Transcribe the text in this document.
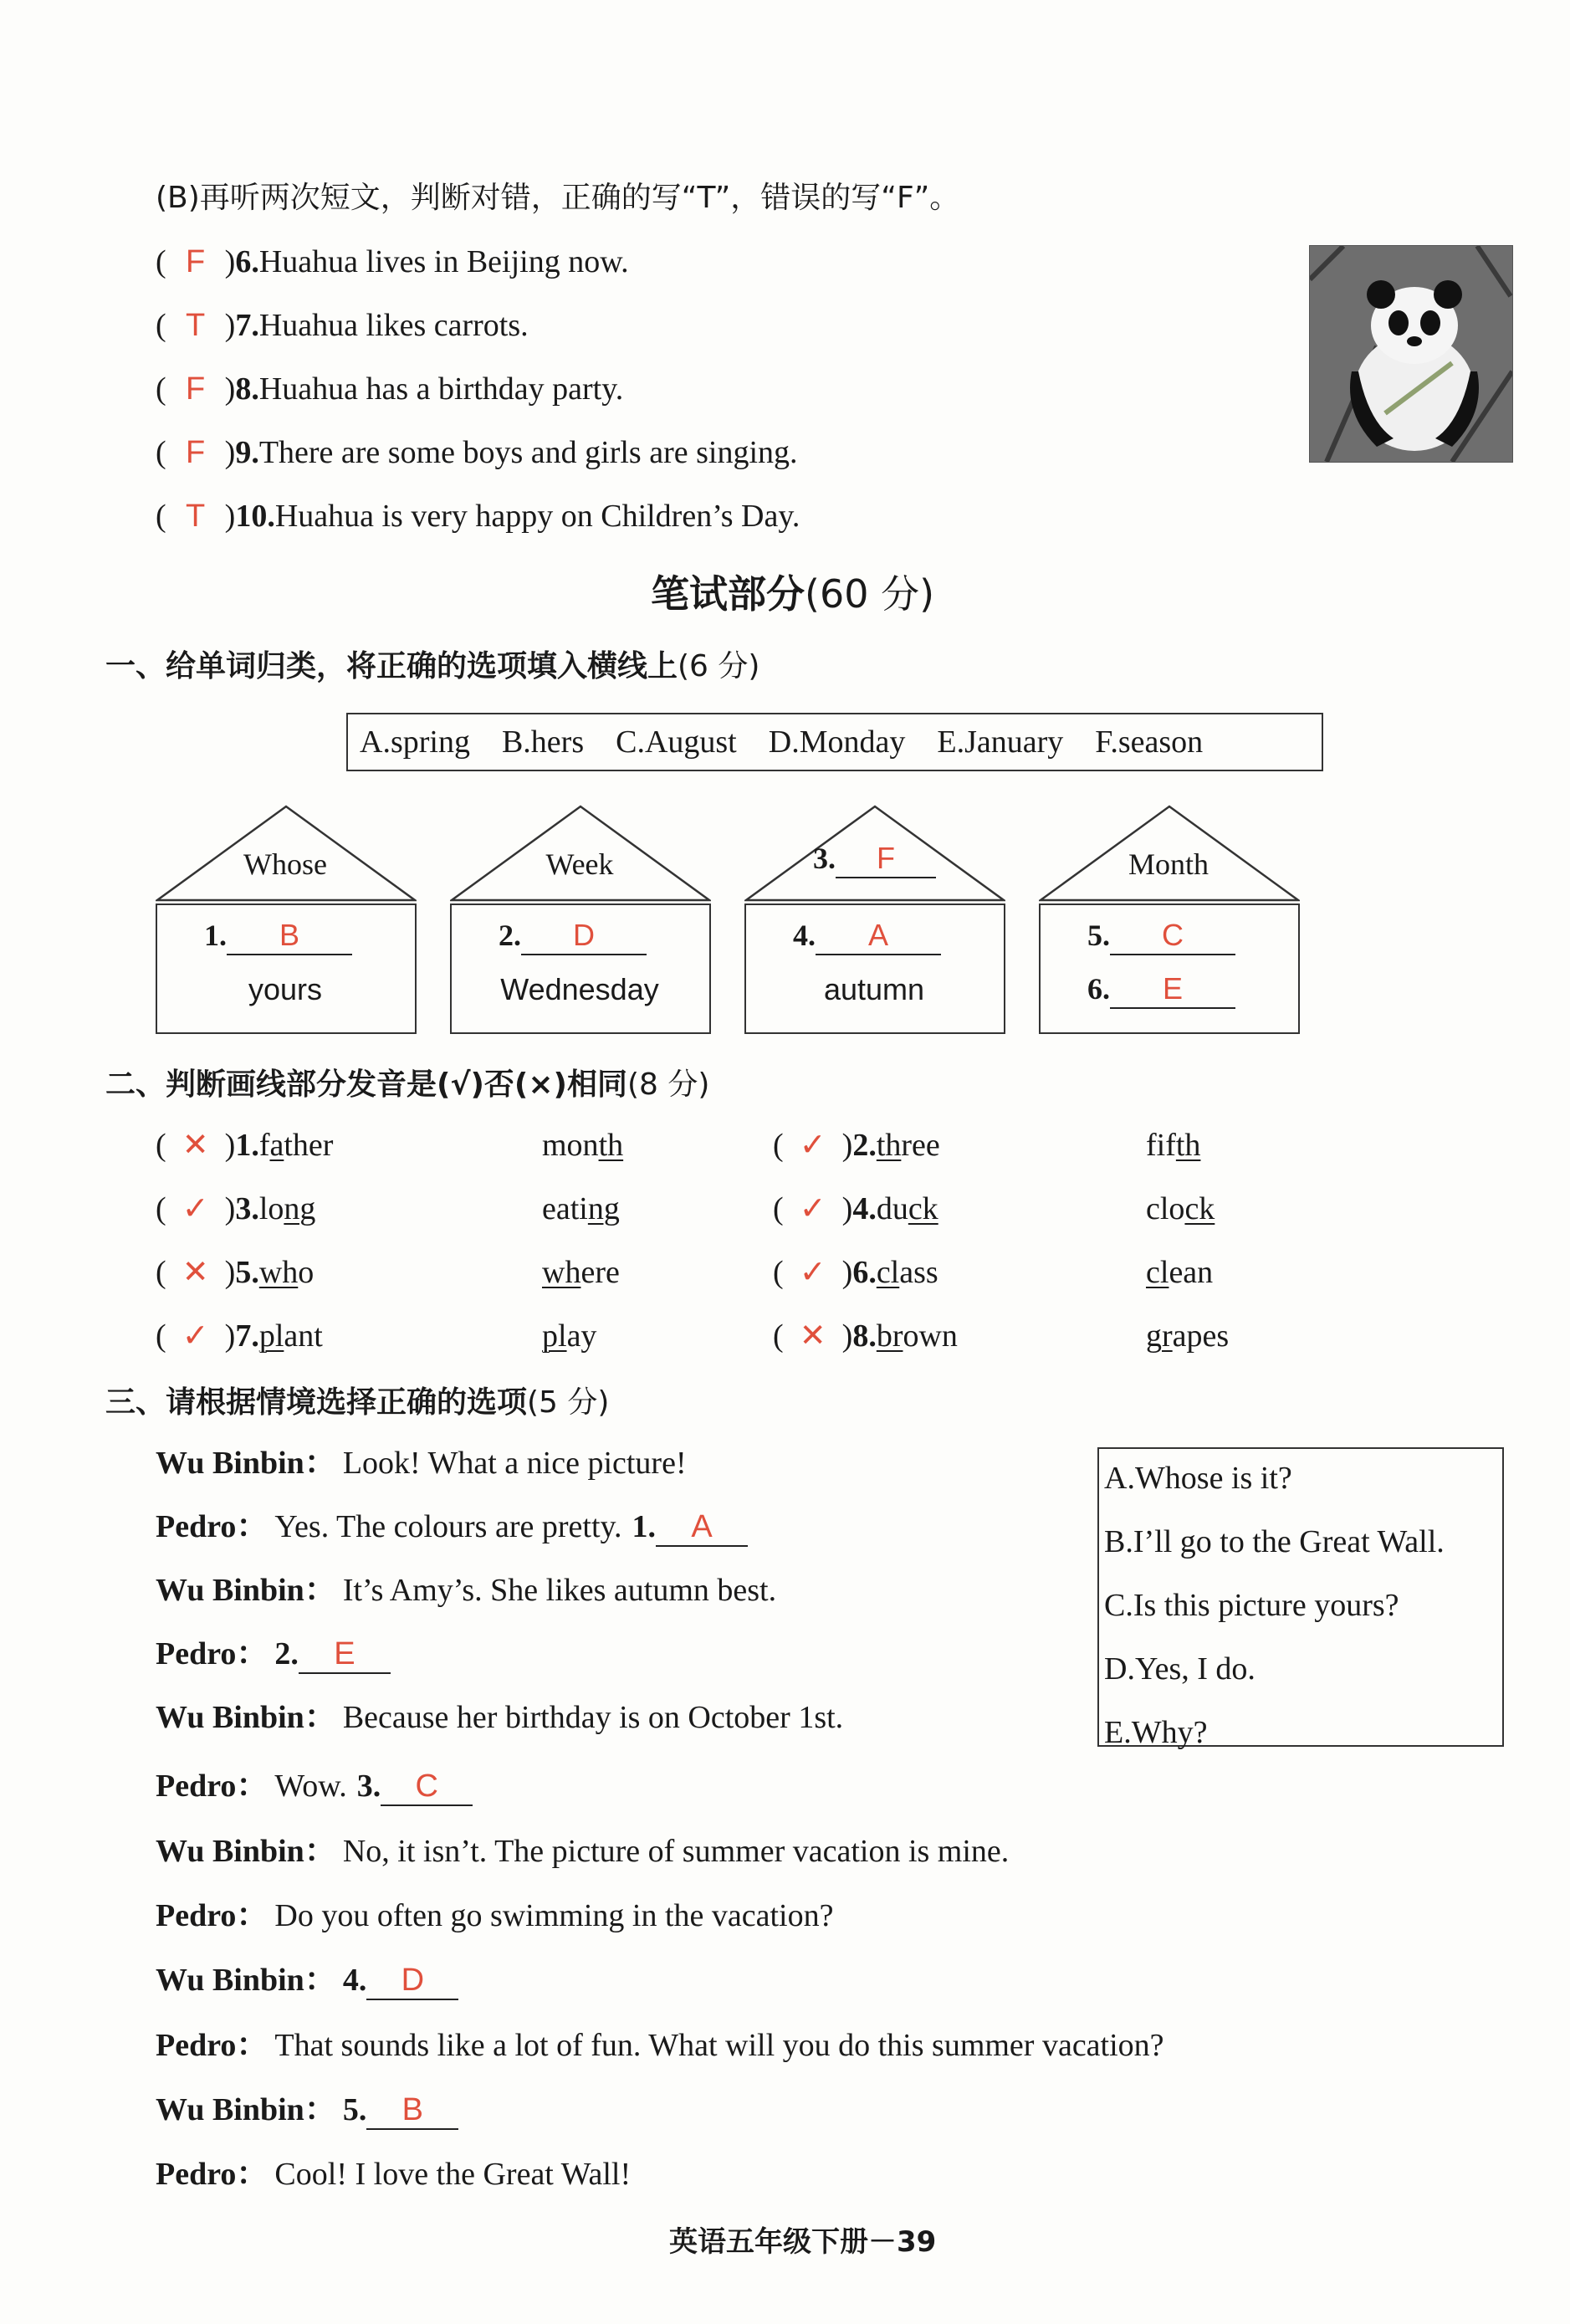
(B)再听两次短文，判断对错，正确的写“T”，错误的写“F”。
( F )6.Huahua lives in Beijing now.
( T )7.Huahua likes carrots.
( F )8.Huahua has a birthday party.
( F )9.There are some boys and girls are singing.
( T )10.Huahua is very happy on Children’s Day.
笔试部分(60 分)
一、给单词归类，将正确的选项填入横线上(6 分)
A.spring B.hers C.August D.Monday E.January F.season
Whose
1. B
yours
Week
2. D
Wednesday
3. F
4. A
autumn
Month
5. C
6. E
二、判断画线部分发音是(√)否(×)相同(8 分)
( ✕ )1.father	month	( ✓ )2.three	fifth
( ✓ )3.long	eating	( ✓ )4.duck	clock
( ✕ )5.who	where	( ✓ )6.class	clean
( ✓ )7.plant	play	( ✕ )8.brown	grapes
三、请根据情境选择正确的选项(5 分)
A.Whose is it?
B.I’ll go to the Great Wall.
C.Is this picture yours?
D.Yes, I do.
E.Why?
Wu Binbin： Look! What a nice picture!
Pedro： Yes. The colours are pretty. 1. A
Wu Binbin： It’s Amy’s. She likes autumn best.
Pedro： 2. E
Wu Binbin： Because her birthday is on October 1st.
Pedro： Wow. 3. C
Wu Binbin： No, it isn’t. The picture of summer vacation is mine.
Pedro： Do you often go swimming in the vacation?
Wu Binbin： 4. D
Pedro： That sounds like a lot of fun. What will you do this summer vacation?
Wu Binbin： 5. B
Pedro： Cool! I love the Great Wall!
英语五年级下册－39
